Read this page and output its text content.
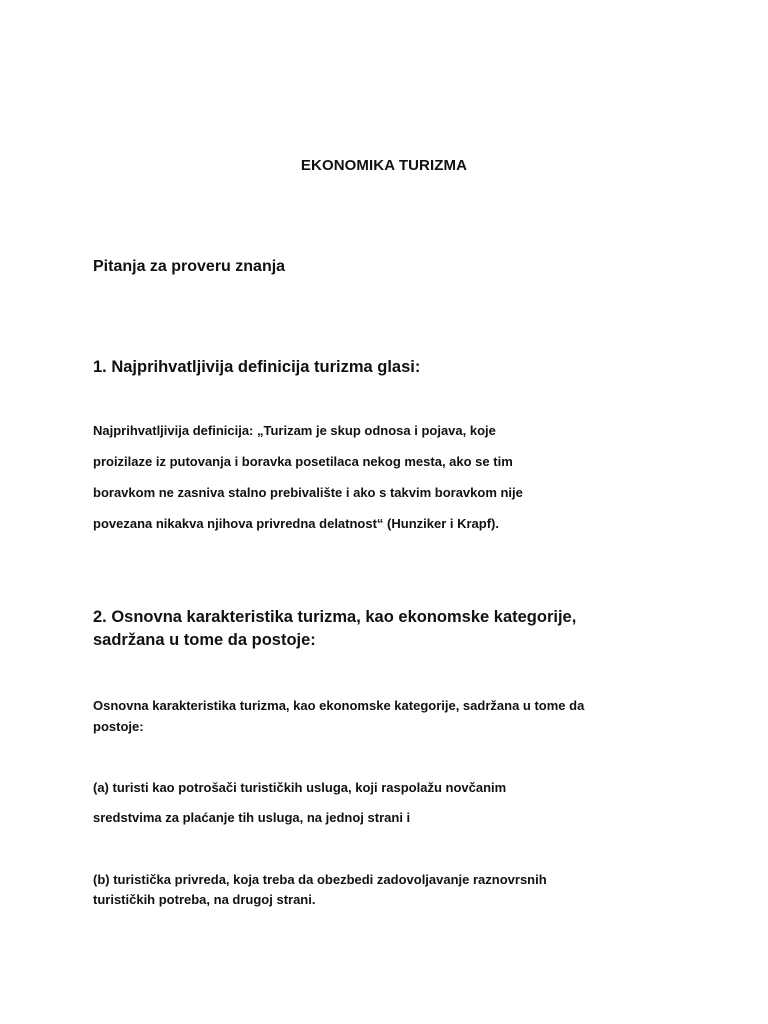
EKONOMIKA TURIZMA
Pitanja za proveru znanja
1. Najprihvatljivija definicija turizma glasi:
Najprihvatljivija definicija: „Turizam je skup odnosa i pojava, koje
proizilaze iz putovanja i boravka posetilaca nekog mesta, ako se tim
boravkom ne zasniva stalno prebivalište i ako s takvim boravkom nije
povezana nikakva njihova privredna delatnost“ (Hunziker i Krapf).
2. Osnovna karakteristika turizma, kao ekonomske kategorije,
sadržana u tome da postoje:
Osnovna karakteristika turizma, kao ekonomske kategorije, sadržana u tome da
postoje:
(a) turisti kao potrošači turističkih usluga, koji raspolažu novčanim
sredstvima za plaćanje tih usluga, na jednoj strani i
(b) turistička privreda, koja treba da obezbedi zadovoljavanje raznovrsnih
turističkih potreba, na drugoj strani.
